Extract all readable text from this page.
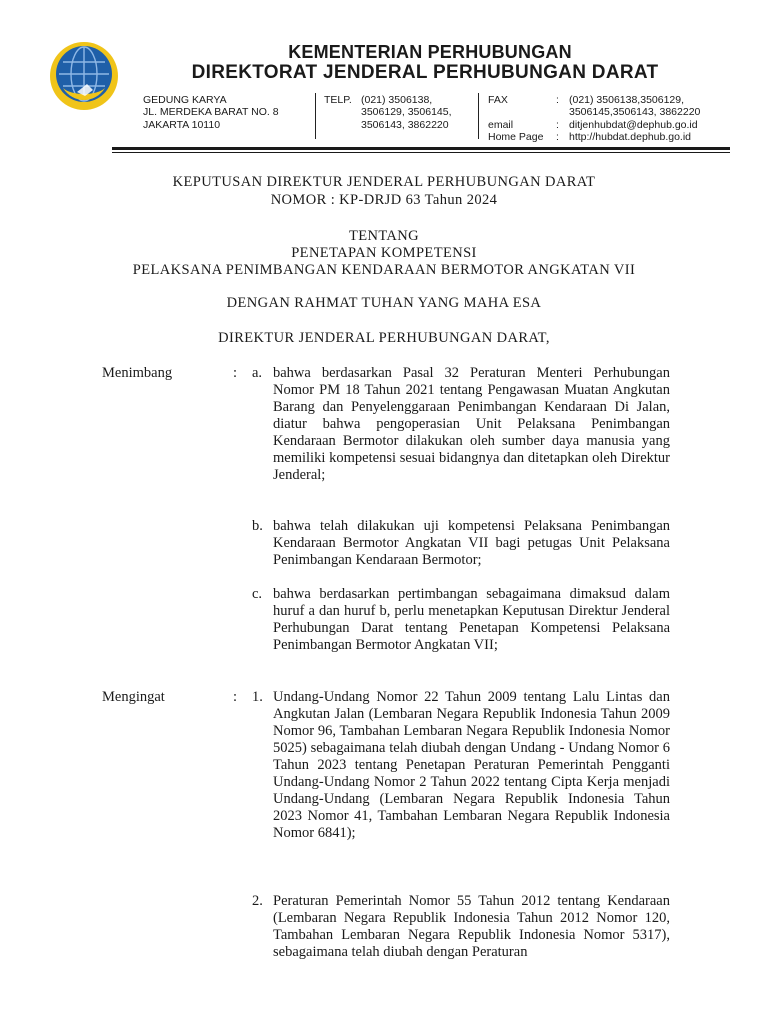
KEMENTERIAN PERHUBUNGAN
DIREKTORAT JENDERAL PERHUBUNGAN DARAT
GEDUNG KARYA
JL. MERDEKA BARAT NO. 8
JAKARTA 10110
TELP. (021) 3506138,
3506129, 3506145,
3506143, 3862220
FAX

email
Home Page
:

:
:
(021) 3506138,3506129,
3506145,3506143, 3862220
ditjenhubdat@dephub.go.id
http://hubdat.dephub.go.id
KEPUTUSAN DIREKTUR JENDERAL PERHUBUNGAN DARAT
NOMOR : KP-DRJD 63 Tahun 2024
TENTANG
PENETAPAN KOMPETENSI
PELAKSANA PENIMBANGAN KENDARAAN BERMOTOR ANGKATAN VII
DENGAN RAHMAT TUHAN YANG MAHA ESA
DIREKTUR JENDERAL PERHUBUNGAN DARAT,
Menimbang	: a. bahwa berdasarkan Pasal 32 Peraturan Menteri Perhubungan Nomor PM 18 Tahun 2021 tentang Pengawasan Muatan Angkutan Barang dan Penyelenggaraan Penimbangan Kendaraan Di Jalan, diatur bahwa pengoperasian Unit Pelaksana Penimbangan Kendaraan Bermotor dilakukan oleh sumber daya manusia yang memiliki kompetensi sesuai bidangnya dan ditetapkan oleh Direktur Jenderal;
b. bahwa telah dilakukan uji kompetensi Pelaksana Penimbangan Kendaraan Bermotor Angkatan VII bagi petugas Unit Pelaksana Penimbangan Kendaraan Bermotor;
c. bahwa berdasarkan pertimbangan sebagaimana dimaksud dalam huruf a dan huruf b, perlu menetapkan Keputusan Direktur Jenderal Perhubungan Darat tentang Penetapan Kompetensi Pelaksana Penimbangan Bermotor Angkatan VII;
Mengingat	: 1. Undang-Undang Nomor 22 Tahun 2009 tentang Lalu Lintas dan Angkutan Jalan (Lembaran Negara Republik Indonesia Tahun 2009 Nomor 96, Tambahan Lembaran Negara Republik Indonesia Nomor 5025) sebagaimana telah diubah dengan Undang - Undang Nomor 6 Tahun 2023 tentang Penetapan Peraturan Pemerintah Pengganti Undang-Undang Nomor 2 Tahun 2022 tentang Cipta Kerja menjadi Undang-Undang (Lembaran Negara Republik Indonesia Tahun 2023 Nomor 41, Tambahan Lembaran Negara Republik Indonesia Nomor 6841);
2. Peraturan Pemerintah Nomor 55 Tahun 2012 tentang Kendaraan (Lembaran Negara Republik Indonesia Tahun 2012 Nomor 120, Tambahan Lembaran Negara Republik Indonesia Nomor 5317), sebagaimana telah diubah dengan Peraturan
